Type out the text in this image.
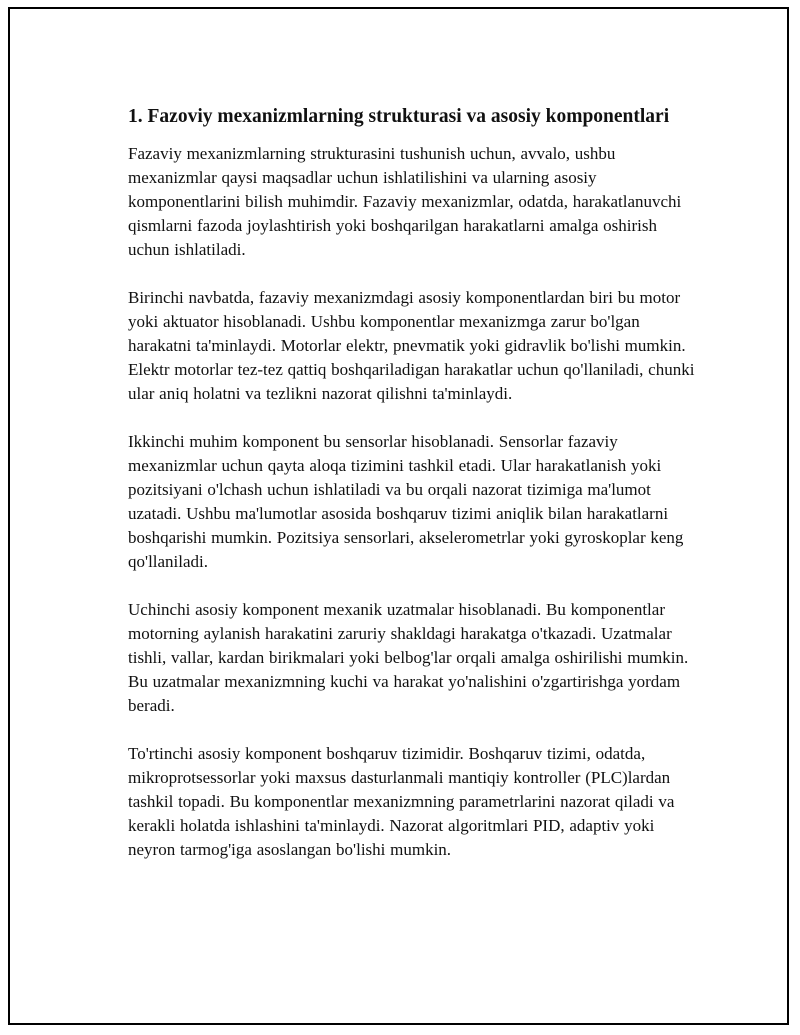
1. Fazoviy mexanizmlarning strukturasi va asosiy komponentlari

Fazaviy mexanizmlarning strukturasini tushunish uchun, avvalo, ushbu mexanizmlar qaysi maqsadlar uchun ishlatilishini va ularning asosiy komponentlarini bilish muhimdir. Fazaviy mexanizmlar, odatda, harakatlanuvchi qismlarni fazoda joylashtirish yoki boshqarilgan harakatlarni amalga oshirish uchun ishlatiladi.

Birinchi navbatda, fazaviy mexanizmdagi asosiy komponentlardan biri bu motor yoki aktuator hisoblanadi. Ushbu komponentlar mexanizmga zarur bo'lgan harakatni ta'minlaydi. Motorlar elektr, pnevmatik yoki gidravlik bo'lishi mumkin. Elektr motorlar tez-tez qattiq boshqariladigan harakatlar uchun qo'llaniladi, chunki ular aniq holatni va tezlikni nazorat qilishni ta'minlaydi.

Ikkinchi muhim komponent bu sensorlar hisoblanadi. Sensorlar fazaviy mexanizmlar uchun qayta aloqa tizimini tashkil etadi. Ular harakatlanish yoki pozitsiyani o'lchash uchun ishlatiladi va bu orqali nazorat tizimiga ma'lumot uzatadi. Ushbu ma'lumotlar asosida boshqaruv tizimi aniqlik bilan harakatlarni boshqarishi mumkin. Pozitsiya sensorlari, akselerometrlar yoki gyroskoplar keng qo'llaniladi.

Uchinchi asosiy komponent mexanik uzatmalar hisoblanadi. Bu komponentlar motorning aylanish harakatini zaruriy shakldagi harakatga o'tkazadi. Uzatmalar tishli, vallar, kardan birikmalari yoki belbog'lar orqali amalga oshirilishi mumkin. Bu uzatmalar mexanizmning kuchi va harakat yo'nalishini o'zgartirishga yordam beradi.

To'rtinchi asosiy komponent boshqaruv tizimidir. Boshqaruv tizimi, odatda, mikroprotsessorlar yoki maxsus dasturlanmali mantiqiy kontroller (PLC)lardan tashkil topadi. Bu komponentlar mexanizmning parametrlarini nazorat qiladi va kerakli holatda ishlashini ta'minlaydi. Nazorat algoritmlari PID, adaptiv yoki neyron tarmog'iga asoslangan bo'lishi mumkin.
